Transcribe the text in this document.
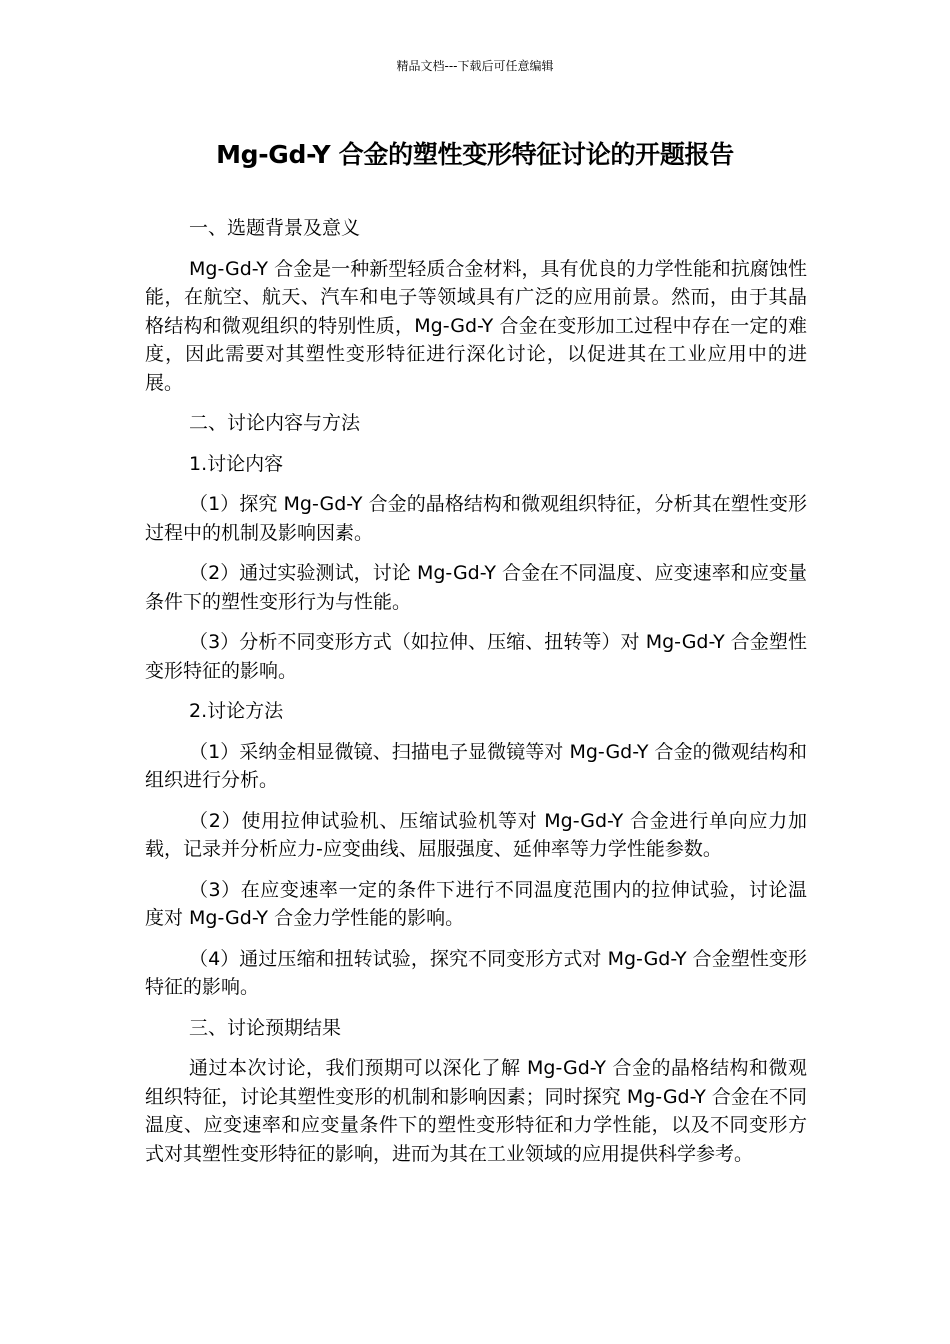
精品文档---下载后可任意编辑
Mg-Gd-Y 合金的塑性变形特征讨论的开题报告
一、选题背景及意义
Mg-Gd-Y 合金是一种新型轻质合金材料，具有优良的力学性能和抗腐蚀性能，在航空、航天、汽车和电子等领域具有广泛的应用前景。然而，由于其晶格结构和微观组织的特别性质，Mg-Gd-Y 合金在变形加工过程中存在一定的难度，因此需要对其塑性变形特征进行深化讨论，以促进其在工业应用中的进展。
二、讨论内容与方法
1.讨论内容
（1）探究 Mg-Gd-Y 合金的晶格结构和微观组织特征，分析其在塑性变形过程中的机制及影响因素。
（2）通过实验测试，讨论 Mg-Gd-Y 合金在不同温度、应变速率和应变量条件下的塑性变形行为与性能。
（3）分析不同变形方式（如拉伸、压缩、扭转等）对 Mg-Gd-Y 合金塑性变形特征的影响。
2.讨论方法
（1）采纳金相显微镜、扫描电子显微镜等对 Mg-Gd-Y 合金的微观结构和组织进行分析。
（2）使用拉伸试验机、压缩试验机等对 Mg-Gd-Y 合金进行单向应力加载，记录并分析应力-应变曲线、屈服强度、延伸率等力学性能参数。
（3）在应变速率一定的条件下进行不同温度范围内的拉伸试验，讨论温度对 Mg-Gd-Y 合金力学性能的影响。
（4）通过压缩和扭转试验，探究不同变形方式对 Mg-Gd-Y 合金塑性变形特征的影响。
三、讨论预期结果
通过本次讨论，我们预期可以深化了解 Mg-Gd-Y 合金的晶格结构和微观组织特征，讨论其塑性变形的机制和影响因素；同时探究 Mg-Gd-Y 合金在不同温度、应变速率和应变量条件下的塑性变形特征和力学性能，以及不同变形方式对其塑性变形特征的影响，进而为其在工业领域的应用提供科学参考。
